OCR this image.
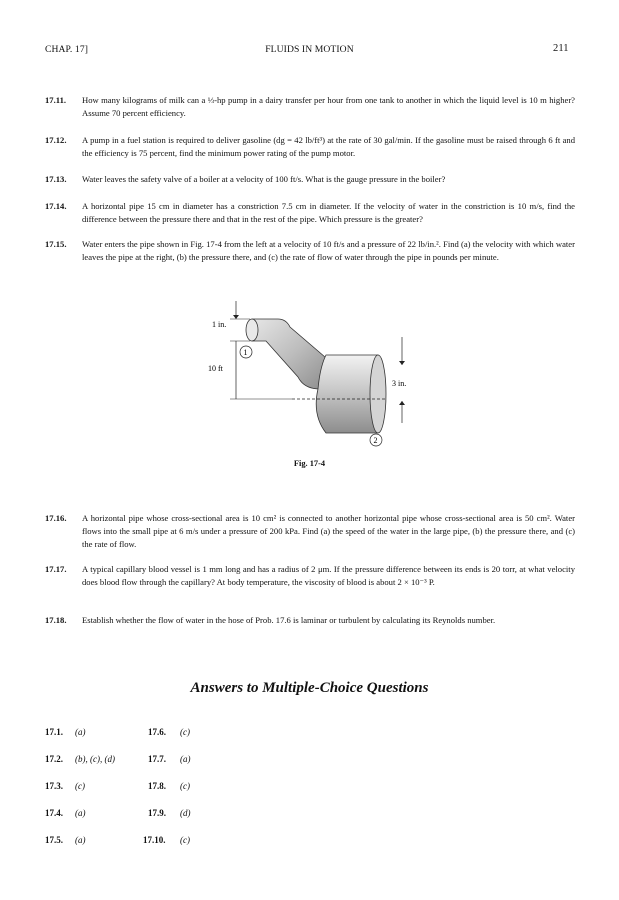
CHAP. 17]	FLUIDS IN MOTION	211
17.11. How many kilograms of milk can a ⅓-hp pump in a dairy transfer per hour from one tank to another in which the liquid level is 10 m higher? Assume 70 percent efficiency.
17.12. A pump in a fuel station is required to deliver gasoline (dg = 42 lb/ft³) at the rate of 30 gal/min. If the gasoline must be raised through 6 ft and the efficiency is 75 percent, find the minimum power rating of the pump motor.
17.13. Water leaves the safety valve of a boiler at a velocity of 100 ft/s. What is the gauge pressure in the boiler?
17.14. A horizontal pipe 15 cm in diameter has a constriction 7.5 cm in diameter. If the velocity of water in the constriction is 10 m/s, find the difference between the pressure there and that in the rest of the pipe. Which pressure is the greater?
17.15. Water enters the pipe shown in Fig. 17-4 from the left at a velocity of 10 ft/s and a pressure of 22 lb/in.². Find (a) the velocity with which water leaves the pipe at the right, (b) the pressure there, and (c) the rate of flow of water through the pipe in pounds per minute.
1 in.
10 ft
3 in.
1
2
Fig. 17-4
17.16. A horizontal pipe whose cross-sectional area is 10 cm² is connected to another horizontal pipe whose cross-sectional area is 50 cm². Water flows into the small pipe at 6 m/s under a pressure of 200 kPa. Find (a) the speed of the water in the large pipe, (b) the pressure there, and (c) the rate of flow.
17.17. A typical capillary blood vessel is 1 mm long and has a radius of 2 μm. If the pressure difference between its ends is 20 torr, at what velocity does blood flow through the capillary? At body temperature, the viscosity of blood is about 2 × 10⁻³ P.
17.18. Establish whether the flow of water in the hose of Prob. 17.6 is laminar or turbulent by calculating its Reynolds number.
Answers to Multiple-Choice Questions
17.1. (a)
17.2. (b), (c), (d)
17.3. (c)
17.4. (a)
17.5. (a)
17.6. (c)
17.7. (a)
17.8. (c)
17.9. (d)
17.10. (c)
